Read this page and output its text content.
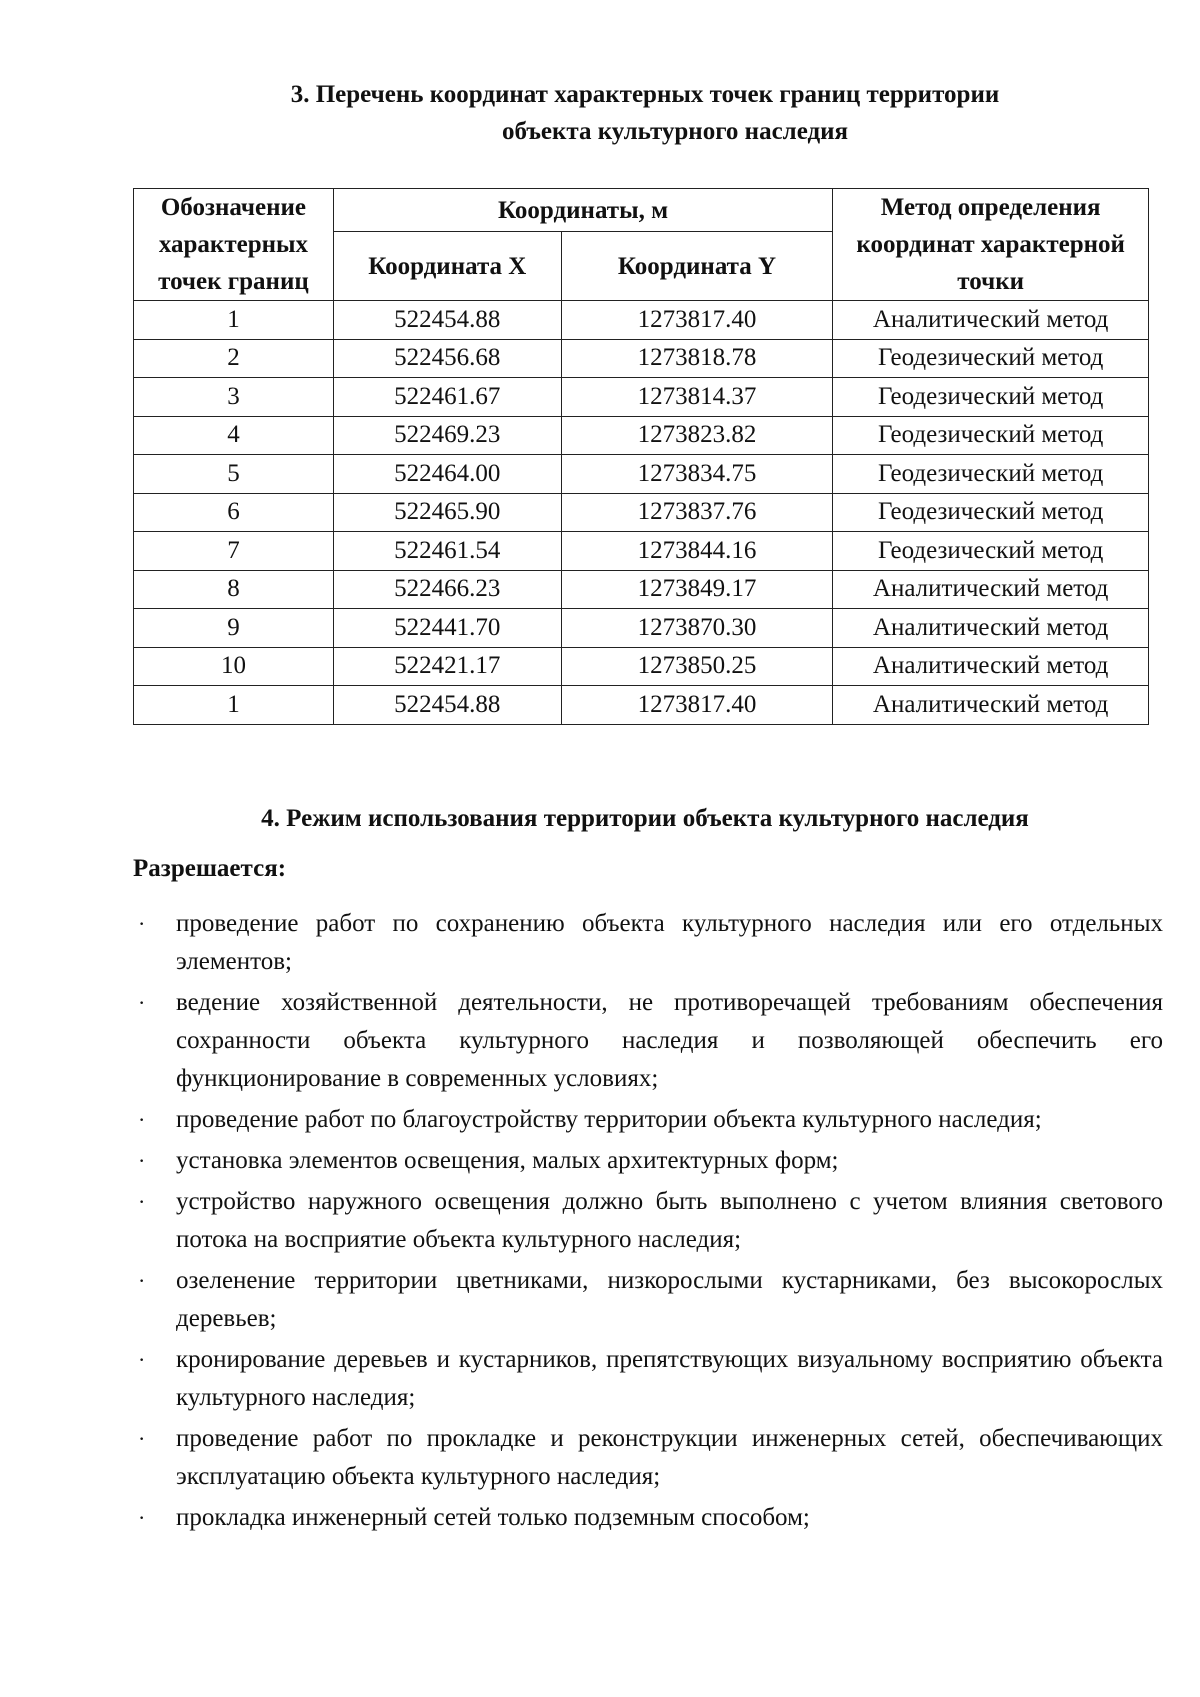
3. Перечень координат характерных точек границ территории
объекта культурного наследия
Обозначение характерных точек границ	Координаты, м		Метод определения координат характерной точки
	Координата X	Координата Y	
1	522454.88	1273817.40	Аналитический метод
2	522456.68	1273818.78	Геодезический метод
3	522461.67	1273814.37	Геодезический метод
4	522469.23	1273823.82	Геодезический метод
5	522464.00	1273834.75	Геодезический метод
6	522465.90	1273837.76	Геодезический метод
7	522461.54	1273844.16	Геодезический метод
8	522466.23	1273849.17	Аналитический метод
9	522441.70	1273870.30	Аналитический метод
10	522421.17	1273850.25	Аналитический метод
1	522454.88	1273817.40	Аналитический метод
4. Режим использования территории объекта культурного наследия

Разрешается:

· проведение работ по сохранению объекта культурного наследия или его отдельных элементов;
· ведение хозяйственной деятельности, не противоречащей требованиям обеспечения сохранности объекта культурного наследия и позволяющей обеспечить его функционирование в современных условиях;
· проведение работ по благоустройству территории объекта культурного наследия;
· установка элементов освещения, малых архитектурных форм;
· устройство наружного освещения должно быть выполнено с учетом влияния светового потока на восприятие объекта культурного наследия;
· озеленение территории цветниками, низкорослыми кустарниками, без высокорослых деревьев;
· кронирование деревьев и кустарников, препятствующих визуальному восприятию объекта культурного наследия;
· проведение работ по прокладке и реконструкции инженерных сетей, обеспечивающих эксплуатацию объекта культурного наследия;
· прокладка инженерный сетей только подземным способом;
